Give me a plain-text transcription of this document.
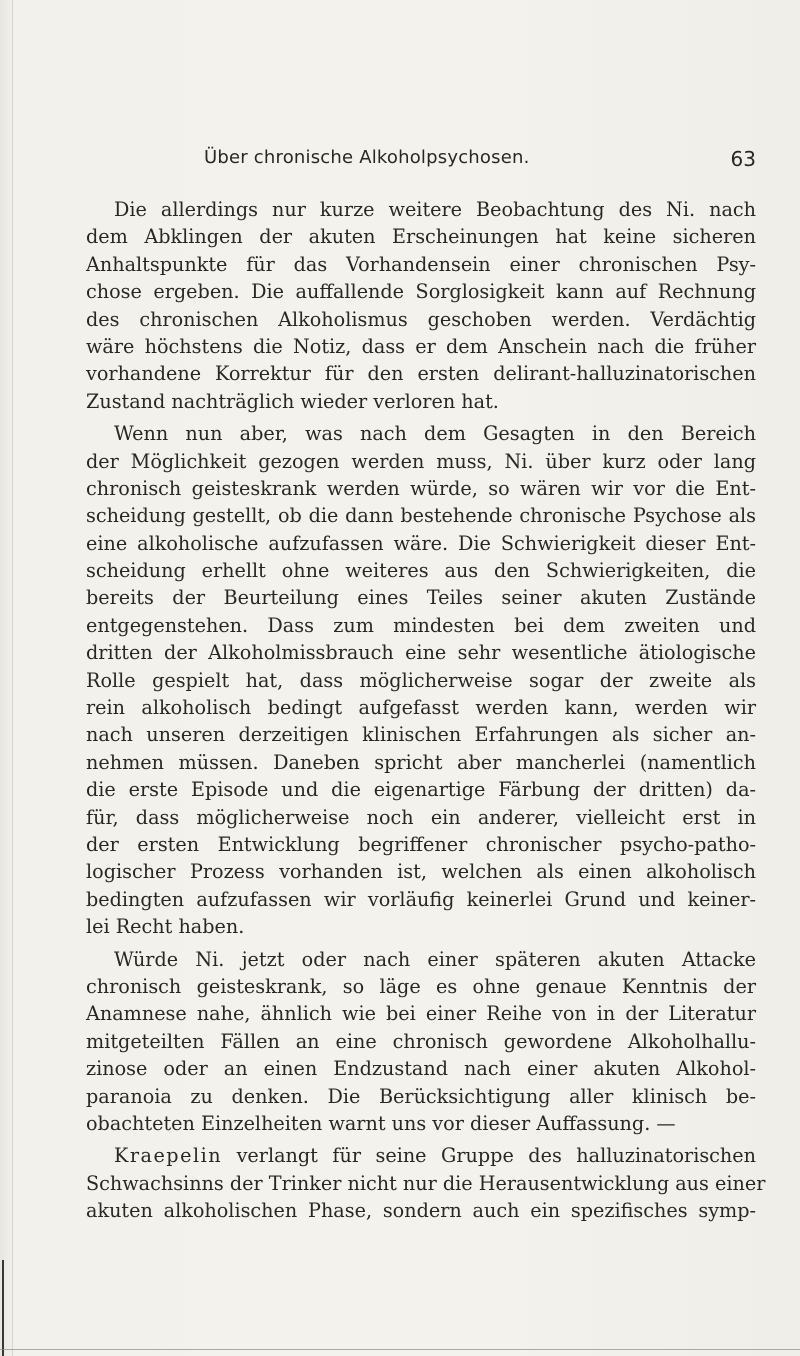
Über chronische Alkoholpsychosen.	63
Die allerdings nur kurze weitere Beobachtung des Ni. nach
dem Abklingen der akuten Erscheinungen hat keine sicheren
Anhaltspunkte für das Vorhandensein einer chronischen Psy-
chose ergeben. Die auffallende Sorglosigkeit kann auf Rechnung
des chronischen Alkoholismus geschoben werden. Verdächtig
wäre höchstens die Notiz, dass er dem Anschein nach die früher
vorhandene Korrektur für den ersten delirant-halluzinatorischen
Zustand nachträglich wieder verloren hat.
Wenn nun aber, was nach dem Gesagten in den Bereich
der Möglichkeit gezogen werden muss, Ni. über kurz oder lang
chronisch geisteskrank werden würde, so wären wir vor die Ent-
scheidung gestellt, ob die dann bestehende chronische Psychose als
eine alkoholische aufzufassen wäre. Die Schwierigkeit dieser Ent-
scheidung erhellt ohne weiteres aus den Schwierigkeiten, die
bereits der Beurteilung eines Teiles seiner akuten Zustände
entgegenstehen. Dass zum mindesten bei dem zweiten und
dritten der Alkoholmissbrauch eine sehr wesentliche ätiologische
Rolle gespielt hat, dass möglicherweise sogar der zweite als
rein alkoholisch bedingt aufgefasst werden kann, werden wir
nach unseren derzeitigen klinischen Erfahrungen als sicher an-
nehmen müssen. Daneben spricht aber mancherlei (namentlich
die erste Episode und die eigenartige Färbung der dritten) da-
für, dass möglicherweise noch ein anderer, vielleicht erst in
der ersten Entwicklung begriffener chronischer psycho-patho-
logischer Prozess vorhanden ist, welchen als einen alkoholisch
bedingten aufzufassen wir vorläufig keinerlei Grund und keiner-
lei Recht haben.
Würde Ni. jetzt oder nach einer späteren akuten Attacke
chronisch geisteskrank, so läge es ohne genaue Kenntnis der
Anamnese nahe, ähnlich wie bei einer Reihe von in der Literatur
mitgeteilten Fällen an eine chronisch gewordene Alkoholhallu-
zinose oder an einen Endzustand nach einer akuten Alkohol-
paranoia zu denken. Die Berücksichtigung aller klinisch be-
obachteten Einzelheiten warnt uns vor dieser Auffassung. —
Kraepelin verlangt für seine Gruppe des halluzinatorischen
Schwachsinns der Trinker nicht nur die Herausentwicklung aus einer
akuten alkoholischen Phase, sondern auch ein spezifisches symp-
